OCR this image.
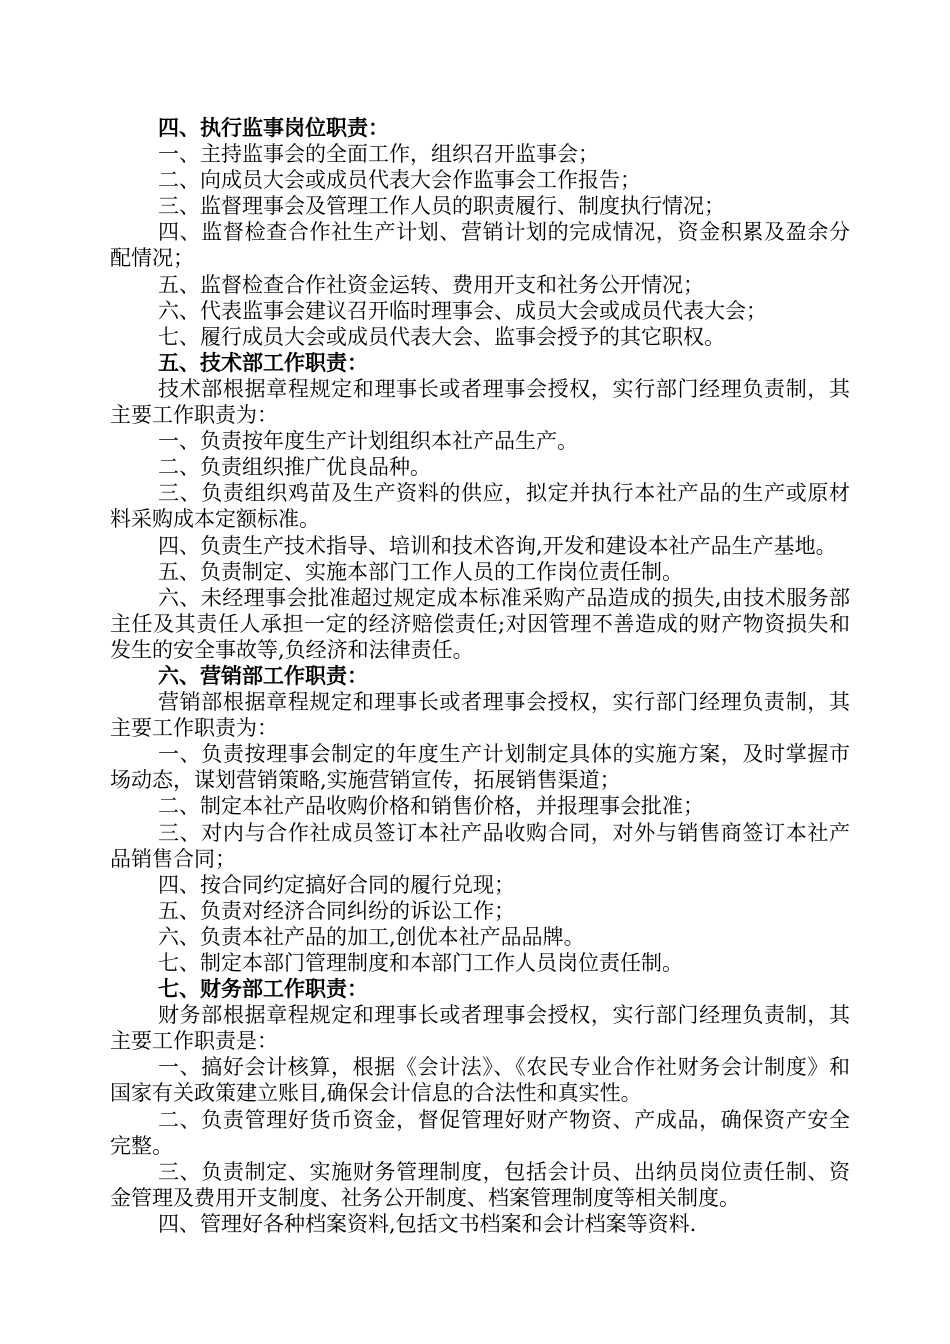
四、执行监事岗位职责：

一、主持监事会的全面工作，组织召开监事会；

二、向成员大会或成员代表大会作监事会工作报告；

三、监督理事会及管理工作人员的职责履行、制度执行情况；

四、监督检查合作社生产计划、营销计划的完成情况，资金积累及盈余分配情况；

五、监督检查合作社资金运转、费用开支和社务公开情况；

六、代表监事会建议召开临时理事会、成员大会或成员代表大会；

七、履行成员大会或成员代表大会、监事会授予的其它职权。

五、技术部工作职责：

技术部根据章程规定和理事长或者理事会授权，实行部门经理负责制，其主要工作职责为：

一、负责按年度生产计划组织本社产品生产。

二、负责组织推广优良品种。

三、负责组织鸡苗及生产资料的供应，拟定并执行本社产品的生产或原材料采购成本定额标准。

四、负责生产技术指导、培训和技术咨询,开发和建设本社产品生产基地。

五、负责制定、实施本部门工作人员的工作岗位责任制。

六、未经理事会批准超过规定成本标准采购产品造成的损失,由技术服务部主任及其责任人承担一定的经济赔偿责任;对因管理不善造成的财产物资损失和发生的安全事故等,负经济和法律责任。

六、营销部工作职责：

营销部根据章程规定和理事长或者理事会授权，实行部门经理负责制，其主要工作职责为：

一、负责按理事会制定的年度生产计划制定具体的实施方案，及时掌握市场动态，谋划营销策略,实施营销宣传，拓展销售渠道；

二、制定本社产品收购价格和销售价格，并报理事会批准；

三、对内与合作社成员签订本社产品收购合同，对外与销售商签订本社产品销售合同；

四、按合同约定搞好合同的履行兑现；

五、负责对经济合同纠纷的诉讼工作；

六、负责本社产品的加工,创优本社产品品牌。

七、制定本部门管理制度和本部门工作人员岗位责任制。

七、财务部工作职责：

财务部根据章程规定和理事长或者理事会授权，实行部门经理负责制，其主要工作职责是：

一、搞好会计核算，根据《会计法》、《农民专业合作社财务会计制度》和国家有关政策建立账目,确保会计信息的合法性和真实性。

二、负责管理好货币资金，督促管理好财产物资、产成品，确保资产安全完整。

三、负责制定、实施财务管理制度，包括会计员、出纳员岗位责任制、资金管理及费用开支制度、社务公开制度、档案管理制度等相关制度。

四、管理好各种档案资料,包括文书档案和会计档案等资料.
